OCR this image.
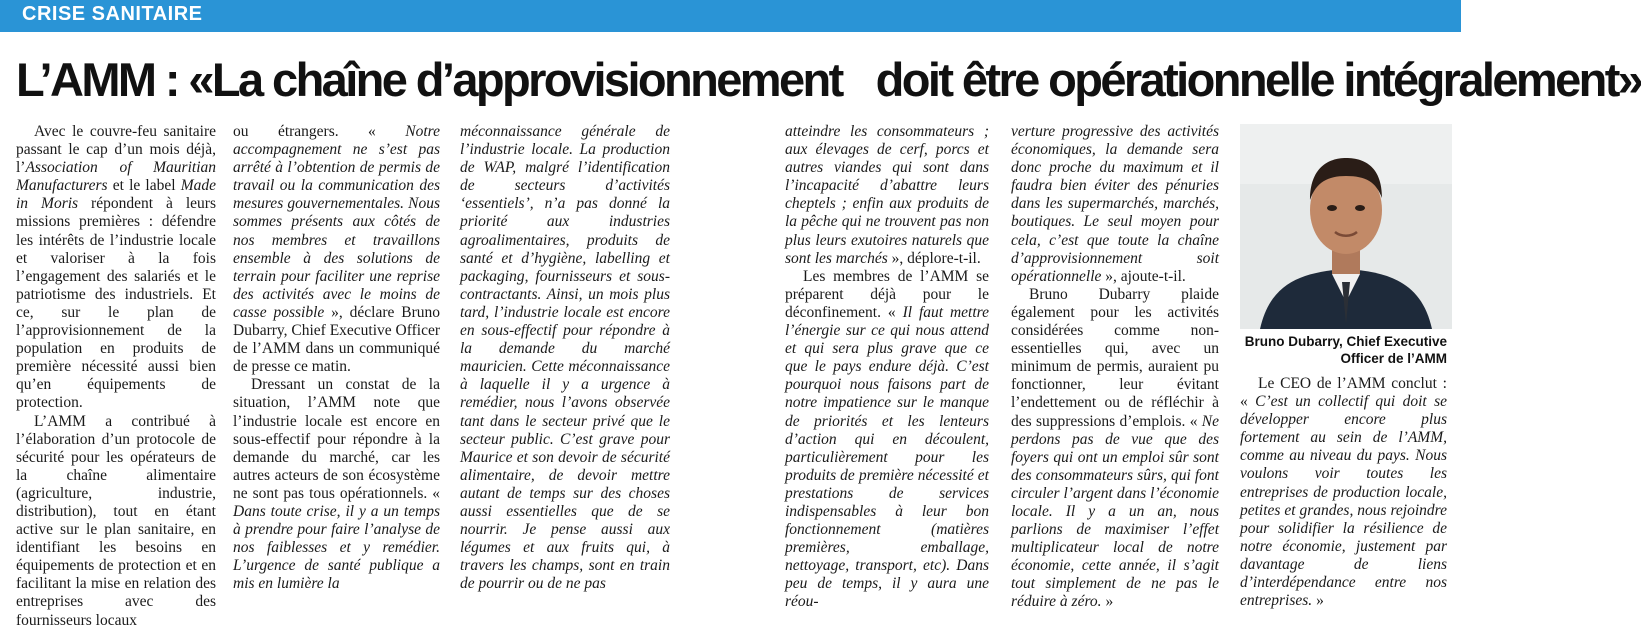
CRISE SANITAIRE
L’AMM : «La chaîne d’approvisionnement doit être opérationnelle intégralement»

Avec le couvre-feu sanitaire passant le cap d’un mois déjà, l’Association of Mauritian Manufacturers et le label Made in Moris répondent à leurs missions premières : défendre les intérêts de l’industrie locale et valoriser à la fois l’engagement des salariés et le patriotisme des industriels. Et ce, sur le plan de l’approvisionnement de la population en produits de première nécessité aussi bien qu’en équipements de protection.

L’AMM a contribué à l’élaboration d’un protocole de sécurité pour les opérateurs de la chaîne alimentaire (agriculture, industrie, distribution), tout en étant active sur le plan sanitaire, en identifiant les besoins en équipements de protection et en facilitant la mise en relation des entreprises avec des fournisseurs locaux

ou étrangers. « Notre accompagnement ne s’est pas arrêté à l’obtention de permis de travail ou la communication des mesures gouvernementales. Nous sommes présents aux côtés de nos membres et travaillons ensemble à des solutions de terrain pour faciliter une reprise des activités avec le moins de casse possible », déclare Bruno Dubarry, Chief Executive Officer de l’AMM dans un communiqué de presse ce matin.

Dressant un constat de la situation, l’AMM note que l’industrie locale est encore en sous-effectif pour répondre à la demande du marché, car les autres acteurs de son écosystème ne sont pas tous opérationnels. « Dans toute crise, il y a un temps à prendre pour faire l’analyse de nos faiblesses et y remédier. L’urgence de santé publique a mis en lumière la

méconnaissance générale de l’industrie locale. La production de WAP, malgré l’identification de secteurs d’activités ‘essentiels’, n’a pas donné la priorité aux industries agroalimentaires, produits de santé et d’hygiène, labelling et packaging, fournisseurs et sous-contractants. Ainsi, un mois plus tard, l’industrie locale est encore en sous-effectif pour répondre à la demande du marché mauricien. Cette méconnaissance à laquelle il y a urgence à remédier, nous l’avons observée tant dans le secteur privé que le secteur public. C’est grave pour Maurice et son devoir de sécurité alimentaire, de devoir mettre autant de temps sur des choses aussi essentielles que de se nourrir. Je pense aussi aux légumes et aux fruits qui, à travers les champs, sont en train de pourrir ou de ne pas

atteindre les consommateurs ; aux élevages de cerf, porcs et autres viandes qui sont dans l’incapacité d’abattre leurs cheptels ; enfin aux produits de la pêche qui ne trouvent pas non plus leurs exutoires naturels que sont les marchés », déplore-t-il.

Les membres de l’AMM se préparent déjà pour le déconfinement. « Il faut mettre l’énergie sur ce qui nous attend et qui sera plus grave que ce que le pays endure déjà. C’est pourquoi nous faisons part de notre impatience sur le manque de priorités et les lenteurs d’action qui en découlent, particulièrement pour les produits de première nécessité et prestations de services indispensables à leur bon fonctionnement (matières premières, emballage, nettoyage, transport, etc). Dans peu de temps, il y aura une réou-

verture progressive des activités économiques, la demande sera donc proche du maximum et il faudra bien éviter des pénuries dans les supermarchés, marchés, boutiques. Le seul moyen pour cela, c’est que toute la chaîne d’approvisionnement soit opérationnelle », ajoute-t-il.

Bruno Dubarry plaide également pour les activités considérées comme non-essentielles qui, avec un minimum de permis, auraient pu fonctionner, leur évitant l’endettement ou de réfléchir à des suppressions d’emplois. « Ne perdons pas de vue que des foyers qui ont un emploi sûr sont des consommateurs sûrs, qui font circuler l’argent dans l’économie locale. Il y a un an, nous parlions de maximiser l’effet multiplicateur local de notre économie, cette année, il s’agit tout simplement de ne pas le réduire à zéro. »

Bruno Dubarry, Chief Executive Officer de l’AMM

Le CEO de l’AMM conclut : « C’est un collectif qui doit se développer encore plus fortement au sein de l’AMM, comme au niveau du pays. Nous voulons voir toutes les entreprises de production locale, petites et grandes, nous rejoindre pour solidifier la résilience de notre économie, justement par davantage de liens d’interdépendance entre nos entreprises. »
